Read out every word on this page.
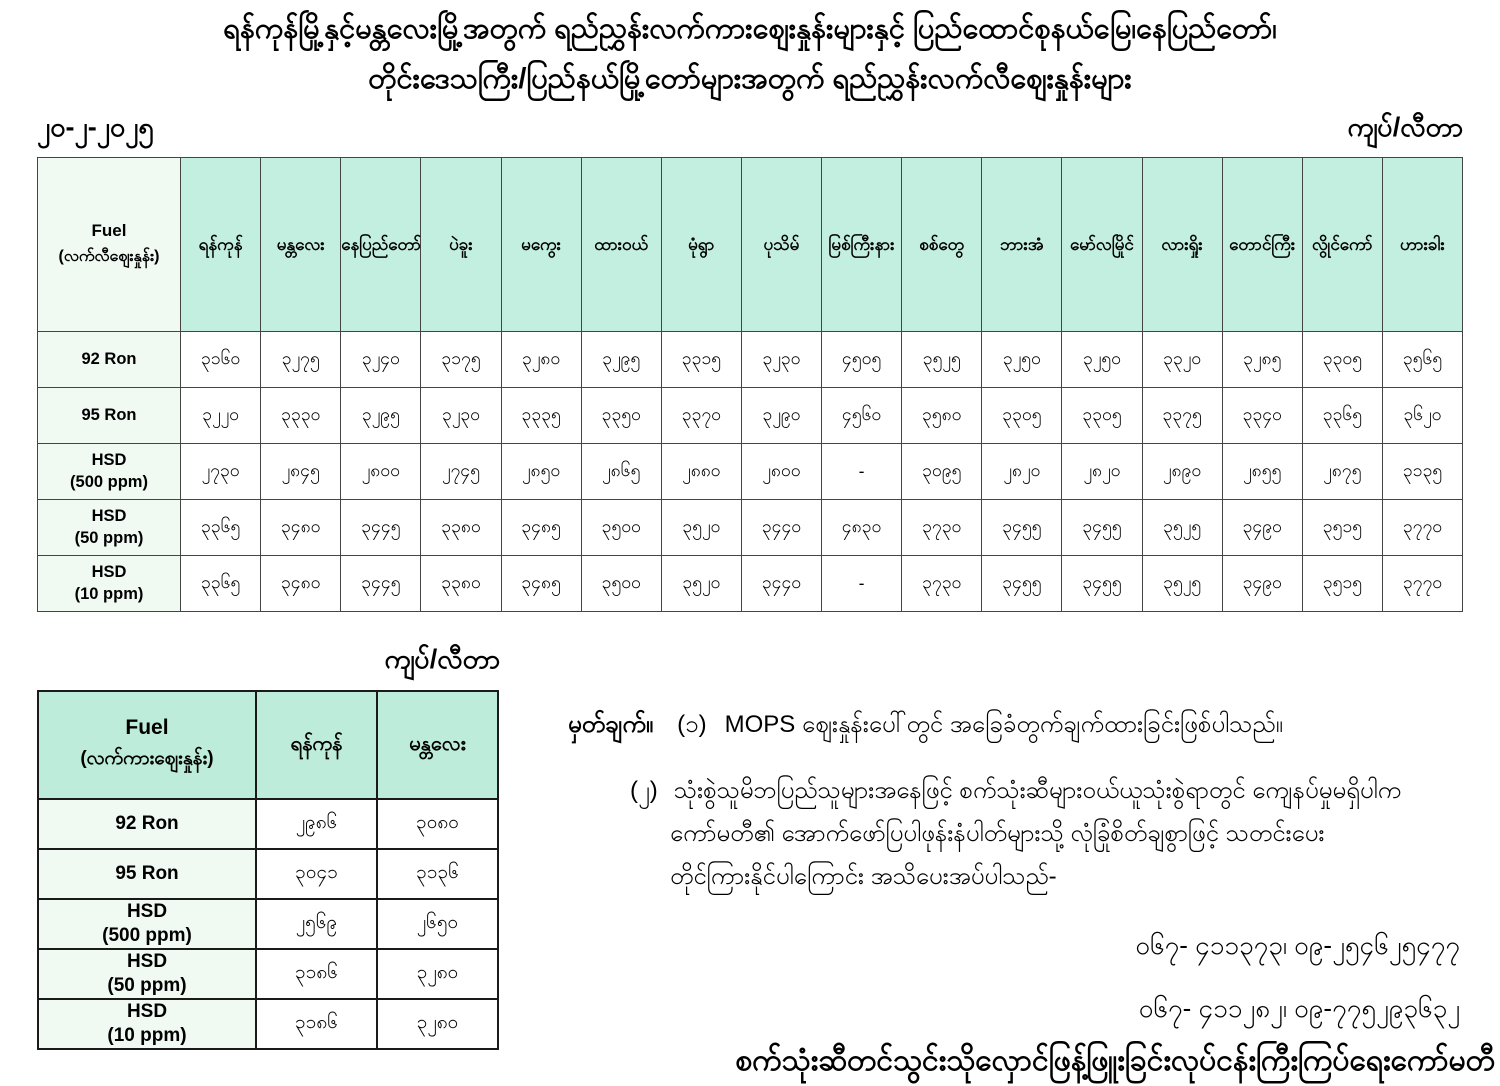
ရန်ကုန်မြို့နှင့်မန္တလေးမြို့အတွက် ရည်ညွှန်းလက်ကားဈေးနှုန်းများနှင့် ပြည်ထောင်စုနယ်မြေ၊နေပြည်တော်၊
တိုင်းဒေသကြီး/ပြည်နယ်မြို့တော်များအတွက် ရည်ညွှန်းလက်လီဈေးနှုန်းများ
၂၀-၂-၂၀၂၅	ကျပ်/လီတာ
Fuel
(လက်လီဈေးနှုန်း)	ရန်ကုန်	မန္တလေး	နေပြည်တော်	ပဲခူး	မကွေး	ထားဝယ်	မုံရွာ	ပုသိမ်	မြစ်ကြီးနား	စစ်တွေ	ဘားအံ	မော်လမြိုင်	လားရှိုး	တောင်ကြီး	လွိုင်ကော်	ဟားခါး
92 Ron	၃၁၆၀	၃၂၇၅	၃၂၄၀	၃၁၇၅	၃၂၈၀	၃၂၉၅	၃၃၁၅	၃၂၃၀	၄၅၀၅	၃၅၂၅	၃၂၅၀	၃၂၅၀	၃၃၂၀	၃၂၈၅	၃၃၀၅	၃၅၆၅
95 Ron	၃၂၂၀	၃၃၃၀	၃၂၉၅	၃၂၃၀	၃၃၃၅	၃၃၅၀	၃၃၇၀	၃၂၉၀	၄၅၆၀	၃၅၈၀	၃၃၀၅	၃၃၀၅	၃၃၇၅	၃၃၄၀	၃၃၆၅	၃၆၂၀

HSD
(500 ppm)	၂၇၃၀	၂၈၄၅	၂၈၀၀	၂၇၄၅	၂၈၅၀	၂၈၆၅	၂၈၈၀	၂၈၀၀	-	၃၀၉၅	၂၈၂၀	၂၈၂၀	၂၈၉၀	၂၈၅၅	၂၈၇၅	၃၁၃၅

HSD
(50 ppm)	၃၃၆၅	၃၄၈၀	၃၄၄၅	၃၃၈၀	၃၄၈၅	၃၅၀၀	၃၅၂၀	၃၄၄၀	၄၈၃၀	၃၇၃၀	၃၄၅၅	၃၄၅၅	၃၅၂၅	၃၄၉၀	၃၅၁၅	၃၇၇၀

HSD
(10 ppm)	၃၃၆၅	၃၄၈၀	၃၄၄၅	၃၃၈၀	၃၄၈၅	၃၅၀၀	၃၅၂၀	၃၄၄၀	-	၃၇၃၀	၃၄၅၅	၃၄၅၅	၃၅၂၅	၃၄၉၀	၃၅၁၅	၃၇၇၀
ကျပ်/လီတာ
Fuel
(လက်ကားဈေးနှုန်း)	ရန်ကုန်	မန္တလေး
92 Ron	၂၉၈၆	၃၀၈၀
95 Ron	၃၀၄၁	၃၁၃၆

HSD
(500 ppm)	၂၅၆၉	၂၆၅၀

HSD
(50 ppm)	၃၁၈၆	၃၂၈၀

HSD
(10 ppm)	၃၁၈၆	၃၂၈၀
မှတ်ချက်။ (၁) MOPS ဈေးနှုန်းပေါ်တွင် အခြေခံတွက်ချက်ထားခြင်းဖြစ်ပါသည်။
(၂) သုံးစွဲသူမိဘပြည်သူများအနေဖြင့် စက်သုံးဆီများဝယ်ယူသုံးစွဲရာတွင် ကျေနပ်မှုမရှိပါက
ကော်မတီ၏ အောက်ဖော်ပြပါဖုန်းနံပါတ်များသို့ လုံခြုံစိတ်ချစွာဖြင့် သတင်းပေး
တိုင်ကြားနိုင်ပါကြောင်း အသိပေးအပ်ပါသည်-
၀၆၇- ၄၁၁၃၇၃၊ ၀၉-၂၅၄၆၂၅၄၇၇
၀၆၇- ၄၁၁၂၈၂၊ ၀၉-၇၇၅၂၉၃၆၃၂
စက်သုံးဆီတင်သွင်းသိုလှောင်ဖြန့်ဖြူးခြင်းလုပ်ငန်းကြီးကြပ်ရေးကော်မတီ
